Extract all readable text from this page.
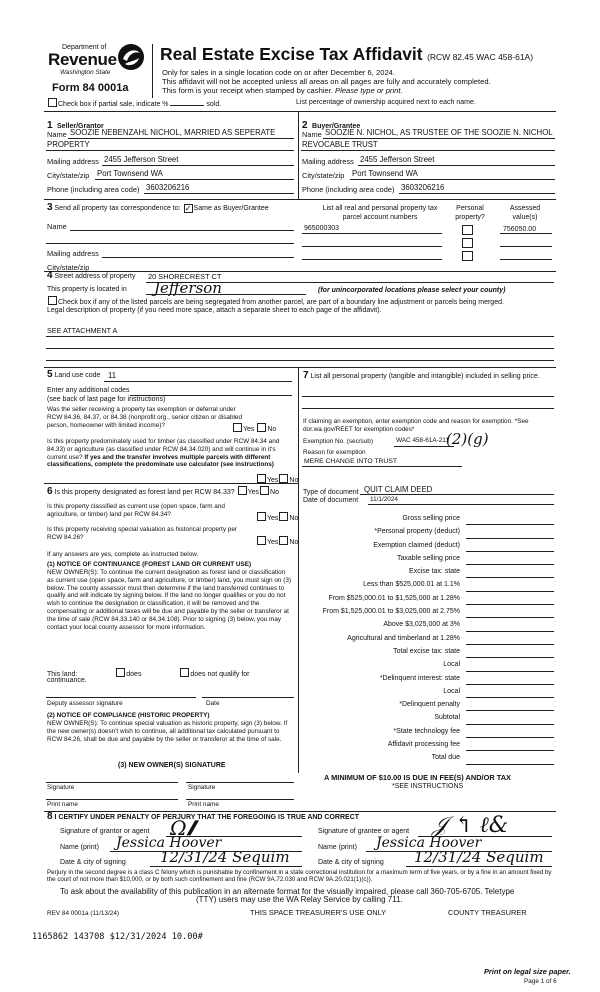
Department of
Revenue
Washington State
Form 84 0001a
Real Estate Excise Tax Affidavit (RCW 82.45 WAC 458-61A)
Only for sales in a single location code on or after December 6, 2024.
This affidavit will not be accepted unless all areas on all pages are fully and accurately completed.
This form is your receipt when stamped by cashier. Please type or print.
Check box if partial sale, indicate %	sold.	List percentage of ownership acquired next to each name.
1 Seller/Grantor
Name SOOZIE NEBENZAHL NICHOL, MARRIED AS SEPERATE
PROPERTY
Mailing address 2455 Jefferson Street
City/state/zip Port Townsend WA
Phone (including area code) 3603206216
2 Buyer/Grantee
Name SOOZIE N. NICHOL, AS TRUSTEE OF THE SOOZIE N. NICHOL
REVOCABLE TRUST
Mailing address 2455 Jefferson Street
City/state/zip Port Townsend WA
Phone (including area code) 3603206216
3 Send all property tax correspondence to: ✓ Same as Buyer/Grantee
Name
Mailing address
City/state/zip
List all real and personal property tax
parcel account numbers
Personal
property?
Assessed
value(s)
965000303	756050.00
4 Street address of property 20 SHORECREST CT
This property is located in Jefferson	(for unincorporated locations please select your county)
Check box if any of the listed parcels are being segregated from another parcel, are part of a boundary line adjustment or parcels being merged.
Legal description of property (if you need more space, attach a separate sheet to each page of the affidavit).
SEE ATTACHMENT A
5 Land use code 11
Enter any additional codes
(see back of last page for instructions)
Was the seller receiving a property tax exemption or deferral under RCW 84.36, 84.37, or 84.38 (nonprofit org., senior citizen or disabled person, homeowner with limited income)?
Yes No
Is this property predominately used for timber (as classified under RCW 84.34 and 84.33) or agriculture (as classified under RCW 84.34.020) and will continue in it's current use? If yes and the transfer involves multiple parcels with different classifications, complete the predominate use calculator (see instructions)
Yes No
6 Is this property designated as forest land per RCW 84.33? Yes No
Is this property classified as current use (open space, farm and agriculture, or timber) land per RCW 84.34?
Yes No
Is this property receiving special valuation as historical property per RCW 84.26?
Yes No
If any answers are yes, complete as instructed below.
(1) NOTICE OF CONTINUANCE (FOREST LAND OR CURRENT USE)
NEW OWNER(S): To continue the current designation as forest land or classification as current use (open space, farm and agriculture, or timber) land, you must sign on (3) below. The county assessor must then determine if the land transferred continues to qualify and will indicate by signing below. If the land no longer qualifies or you do not wish to continue the designation or classification, it will be removed and the compensating or additional taxes will be due and payable by the seller or transferor at the time of sale (RCW 84.33.140 or 84.34.108). Prior to signing (3) below, you may contact your local county assessor for more information.
This land:	does	does not qualify for
continuance.
Deputy assessor signature	Date
(2) NOTICE OF COMPLIANCE (HISTORIC PROPERTY)
NEW OWNER(S): To continue special valuation as historic property, sign (3) below. If the new owner(s) doesn't wish to continue, all additional tax calculated pursuant to RCW 84.26, shall be due and payable by the seller or transferor at the time of sale.
(3) NEW OWNER(S) SIGNATURE
Signature	Signature
Print name	Print name
7 List all personal property (tangible and intangible) included in selling price.
If claiming an exemption, enter exemption code and reason for exemption. *See dor.wa.gov/REET for exemption codes*
Exemption No. (sec/sub)	WAC 458-61A-211
(2)(g)
Reason for exemption
MERE CHANGE INTO TRUST
Type of document QUIT CLAIM DEED
Date of document 11/1/2024
Gross selling price
*Personal property (deduct)
Exemption claimed (deduct)
Taxable selling price
Excise tax: state
Less than $525,000.01 at 1.1%
From $525,000.01 to $1,525,000 at 1.28%
From $1,525,000.01 to $3,025,000 at 2.75%
Above $3,025,000 at 3%
Agricultural and timberland at 1.28%
Total excise tax: state
Local
*Delinquent interest: state
Local
*Delinquent penalty
Subtotal
*State technology fee
Affidavit processing fee
Total due
A MINIMUM OF $10.00 IS DUE IN FEE(S) AND/OR TAX
*SEE INSTRUCTIONS
8 I CERTIFY UNDER PENALTY OF PERJURY THAT THE FOREGOING IS TRUE AND CORRECT
Signature of grantor or agent Ω🙼	Signature of grantee or agent 𝒥 ↰ ℓ&
Name (print) Jessica Hoover	Name (print) Jessica Hoover
Date & city of signing 12/31/24 Sequim	Date & city of signing 12/31/24 Sequim
Perjury in the second degree is a class C felony which is punishable by confinement in a state correctional institution for a maximum term of five years, or by a fine in an amount fixed by the court of not more than $10,000, or by both such confinement and fine (RCW 9A.72.030 and RCW 9A.20.021(1)(c)).
To ask about the availability of this publication in an alternate format for the visually impaired, please call 360-705-6705. Teletype
(TTY) users may use the WA Relay Service by calling 711.
REV 84 0001a (11/13/24)	THIS SPACE TREASURER'S USE ONLY	COUNTY TREASURER
1165862 143708 $12/31/2024 10.00#
Print on legal size paper.
Page 1 of 6
